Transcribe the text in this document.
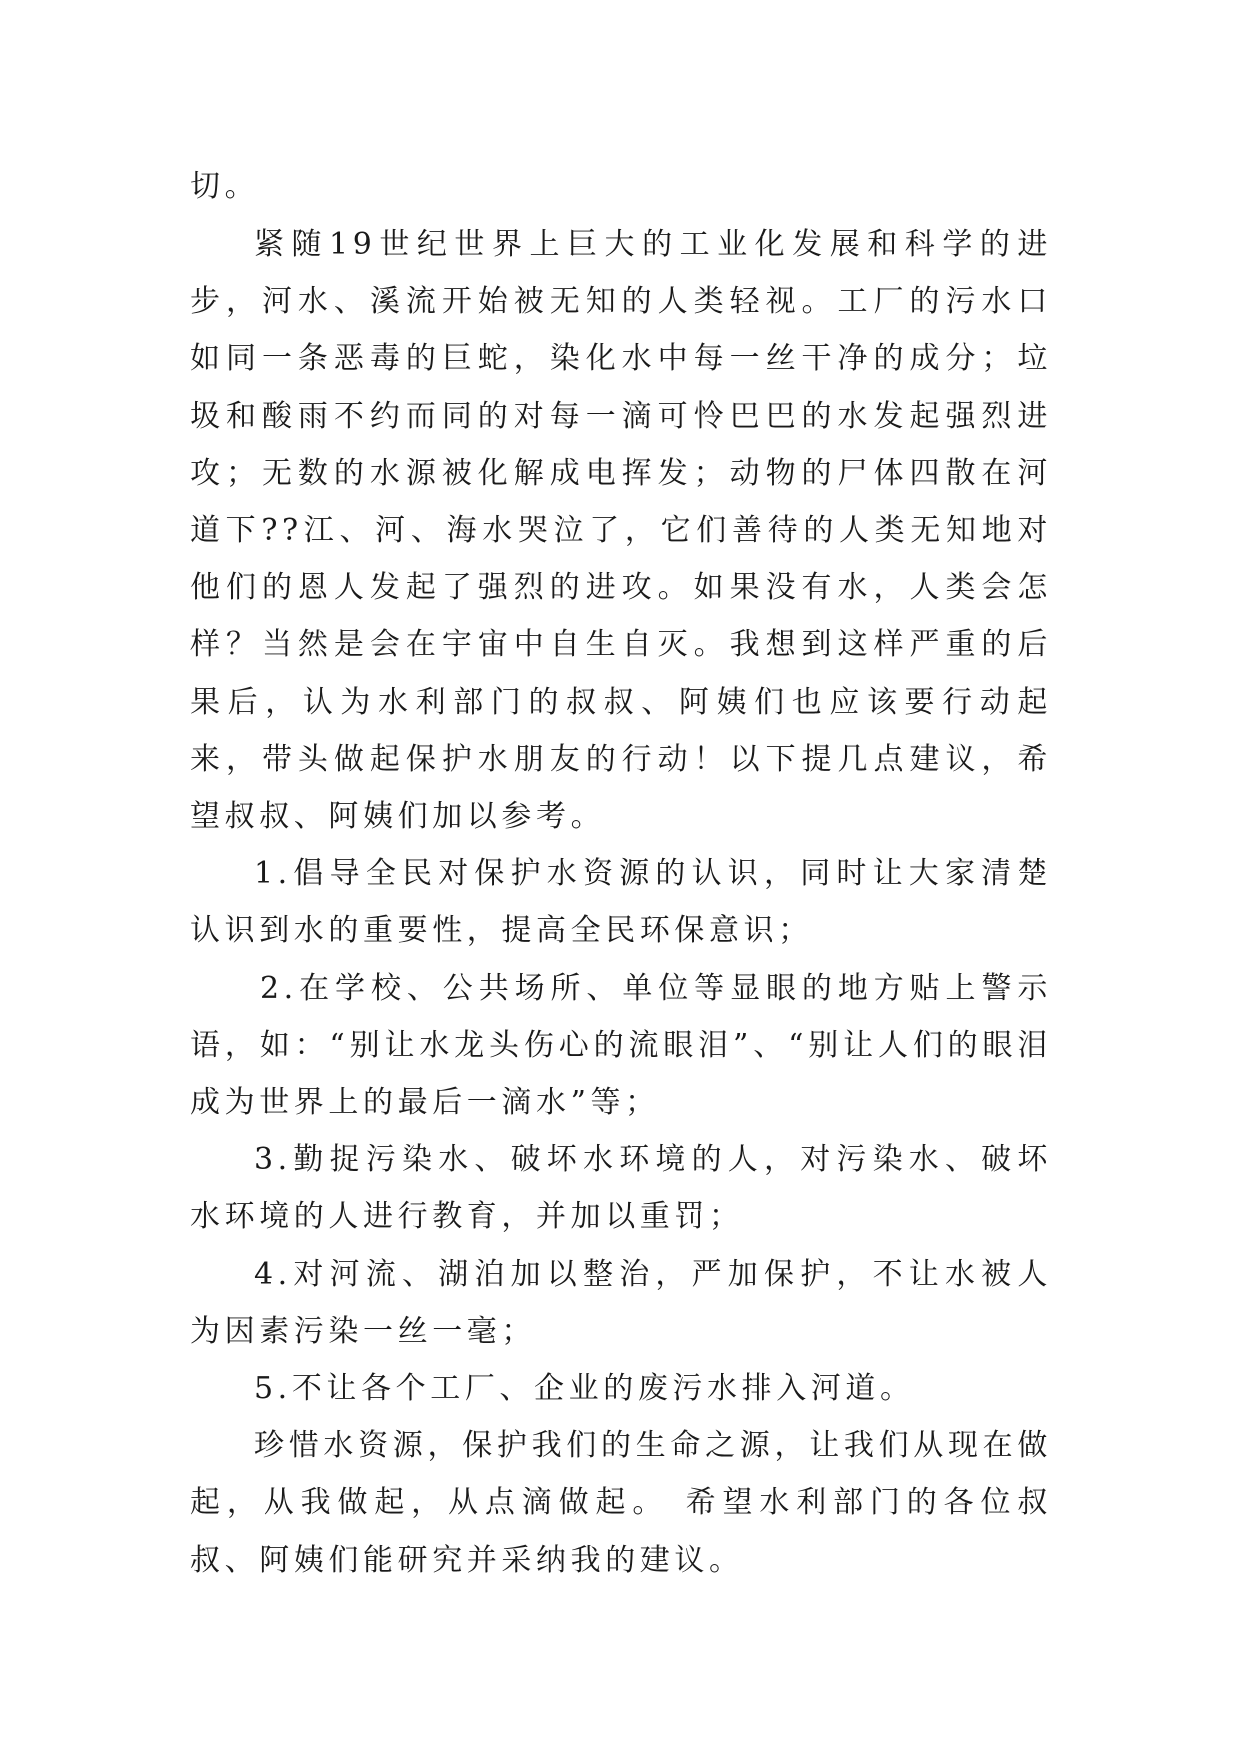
切。

紧随19世纪世界上巨大的工业化发展和科学的进步，河水、溪流开始被无知的人类轻视。工厂的污水口如同一条恶毒的巨蛇，染化水中每一丝干净的成分；垃圾和酸雨不约而同的对每一滴可怜巴巴的水发起强烈进攻；无数的水源被化解成电挥发；动物的尸体四散在河道下??江、河、海水哭泣了，它们善待的人类无知地对他们的恩人发起了强烈的进攻。如果没有水，人类会怎样？当然是会在宇宙中自生自灭。我想到这样严重的后果后，认为水利部门的叔叔、阿姨们也应该要行动起来，带头做起保护水朋友的行动！以下提几点建议，希望叔叔、阿姨们加以参考。

1.倡导全民对保护水资源的认识，同时让大家清楚认识到水的重要性，提高全民环保意识；

2.在学校、公共场所、单位等显眼的地方贴上警示语，如：“别让水龙头伤心的流眼泪”、“别让人们的眼泪成为世界上的最后一滴水”等；

3.勤捉污染水、破坏水环境的人，对污染水、破坏水环境的人进行教育，并加以重罚；

4.对河流、湖泊加以整治，严加保护，不让水被人为因素污染一丝一毫；

5.不让各个工厂、企业的废污水排入河道。

珍惜水资源，保护我们的生命之源，让我们从现在做起，从我做起，从点滴做起。 希望水利部门的各位叔叔、阿姨们能研究并采纳我的建议。
